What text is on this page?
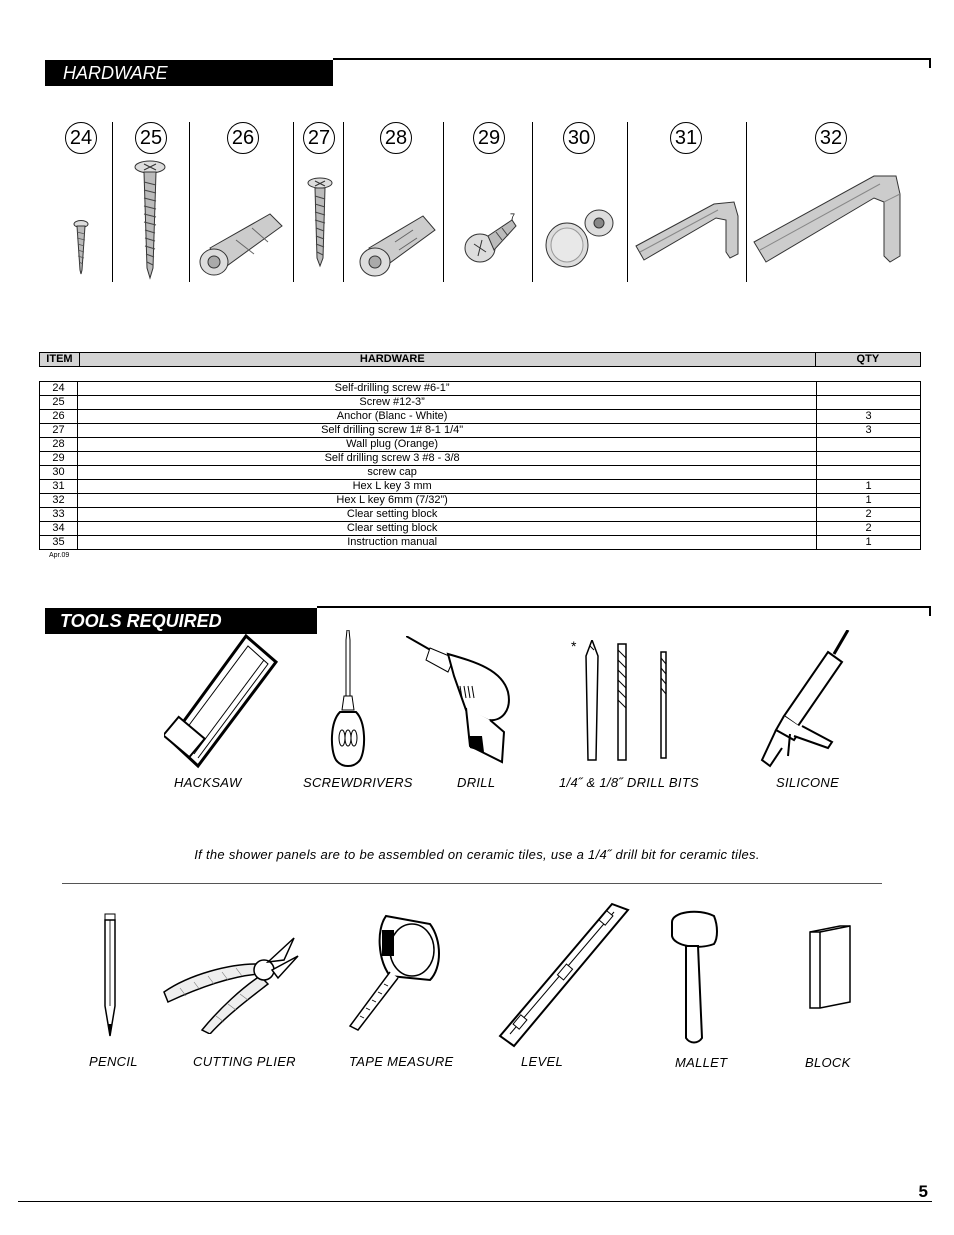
HARDWARE
24 25	26	27	28	29	30	31	32
7
ITEM	HARDWARE	QTY
24	Self-drilling screw #6-1”	
25	Screw #12-3”	
26	Anchor (Blanc - White)	3
27	Self drilling screw 1# 8-1 1/4"	3
28	Wall plug (Orange)	
29	Self drilling screw 3 #8 - 3/8	
30	screw cap	
31	Hex L key 3 mm	1
32	Hex L key 6mm (7/32”)	1
33	Clear setting block	2
34	Clear setting block	2
35	Instruction manual	1
Apr.09
TOOLS REQUIRED
*
HACKSAW	SCREWDRIVERS	DRILL	1/4˝ & 1/8˝ DRILL BITS	SILICONE
If the shower panels are to be assembled on ceramic tiles, use a 1/4˝ drill bit for ceramic tiles.
PENCIL	CUTTING PLIER	TAPE MEASURE	LEVEL	MALLET	BLOCK
5
